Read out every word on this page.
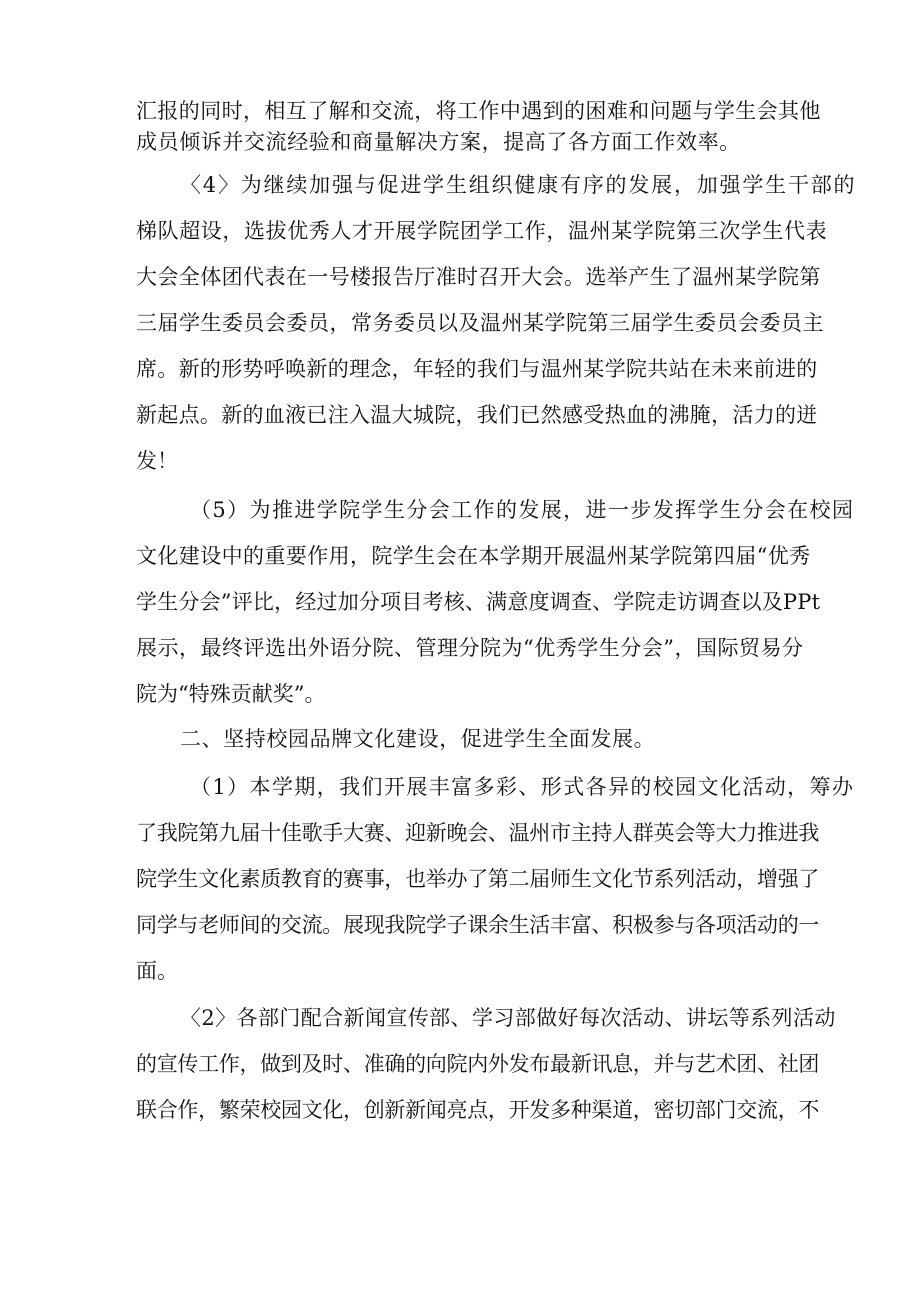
汇报的同时，相互了解和交流，将工作中遇到的困难和问题与学生会其他
成员倾诉并交流经验和商量解决方案，提高了各方面工作效率。
〈4〉为继续加强与促进学生组织健康有序的发展，加强学生干部的
梯队超设，选拔优秀人才开展学院团学工作，温州某学院第三次学生代表
大会全体团代表在一号楼报告厅准时召开大会。选举产生了温州某学院第
三届学生委员会委员，常务委员以及温州某学院第三届学生委员会委员主
席。新的形势呼唤新的理念，年轻的我们与温州某学院共站在未来前进的
新起点。新的血液已注入温大城院，我们已然感受热血的沸腌，活力的迸
发！
（5）为推进学院学生分会工作的发展，进一步发挥学生分会在校园
文化建设中的重要作用，院学生会在本学期开展温州某学院第四届“优秀
学生分会”评比，经过加分项目考核、满意度调查、学院走访调查以及PPt
展示，最终评选出外语分院、管理分院为“优秀学生分会”，国际贸易分
院为“特殊贡献奖”。
二、坚持校园品牌文化建设，促进学生全面发展。
（1）本学期，我们开展丰富多彩、形式各异的校园文化活动，筹办
了我院第九届十佳歌手大赛、迎新晚会、温州市主持人群英会等大力推进我
院学生文化素质教育的赛事，也举办了第二届师生文化节系列活动，增强了
同学与老师间的交流。展现我院学子课余生活丰富、积极参与各项活动的一
面。
〈2〉各部门配合新闻宣传部、学习部做好每次活动、讲坛等系列活动
的宣传工作，做到及时、准确的向院内外发布最新讯息，并与艺术团、社团
联合作，繁荣校园文化，创新新闻亮点，开发多种渠道，密切部门交流，不
